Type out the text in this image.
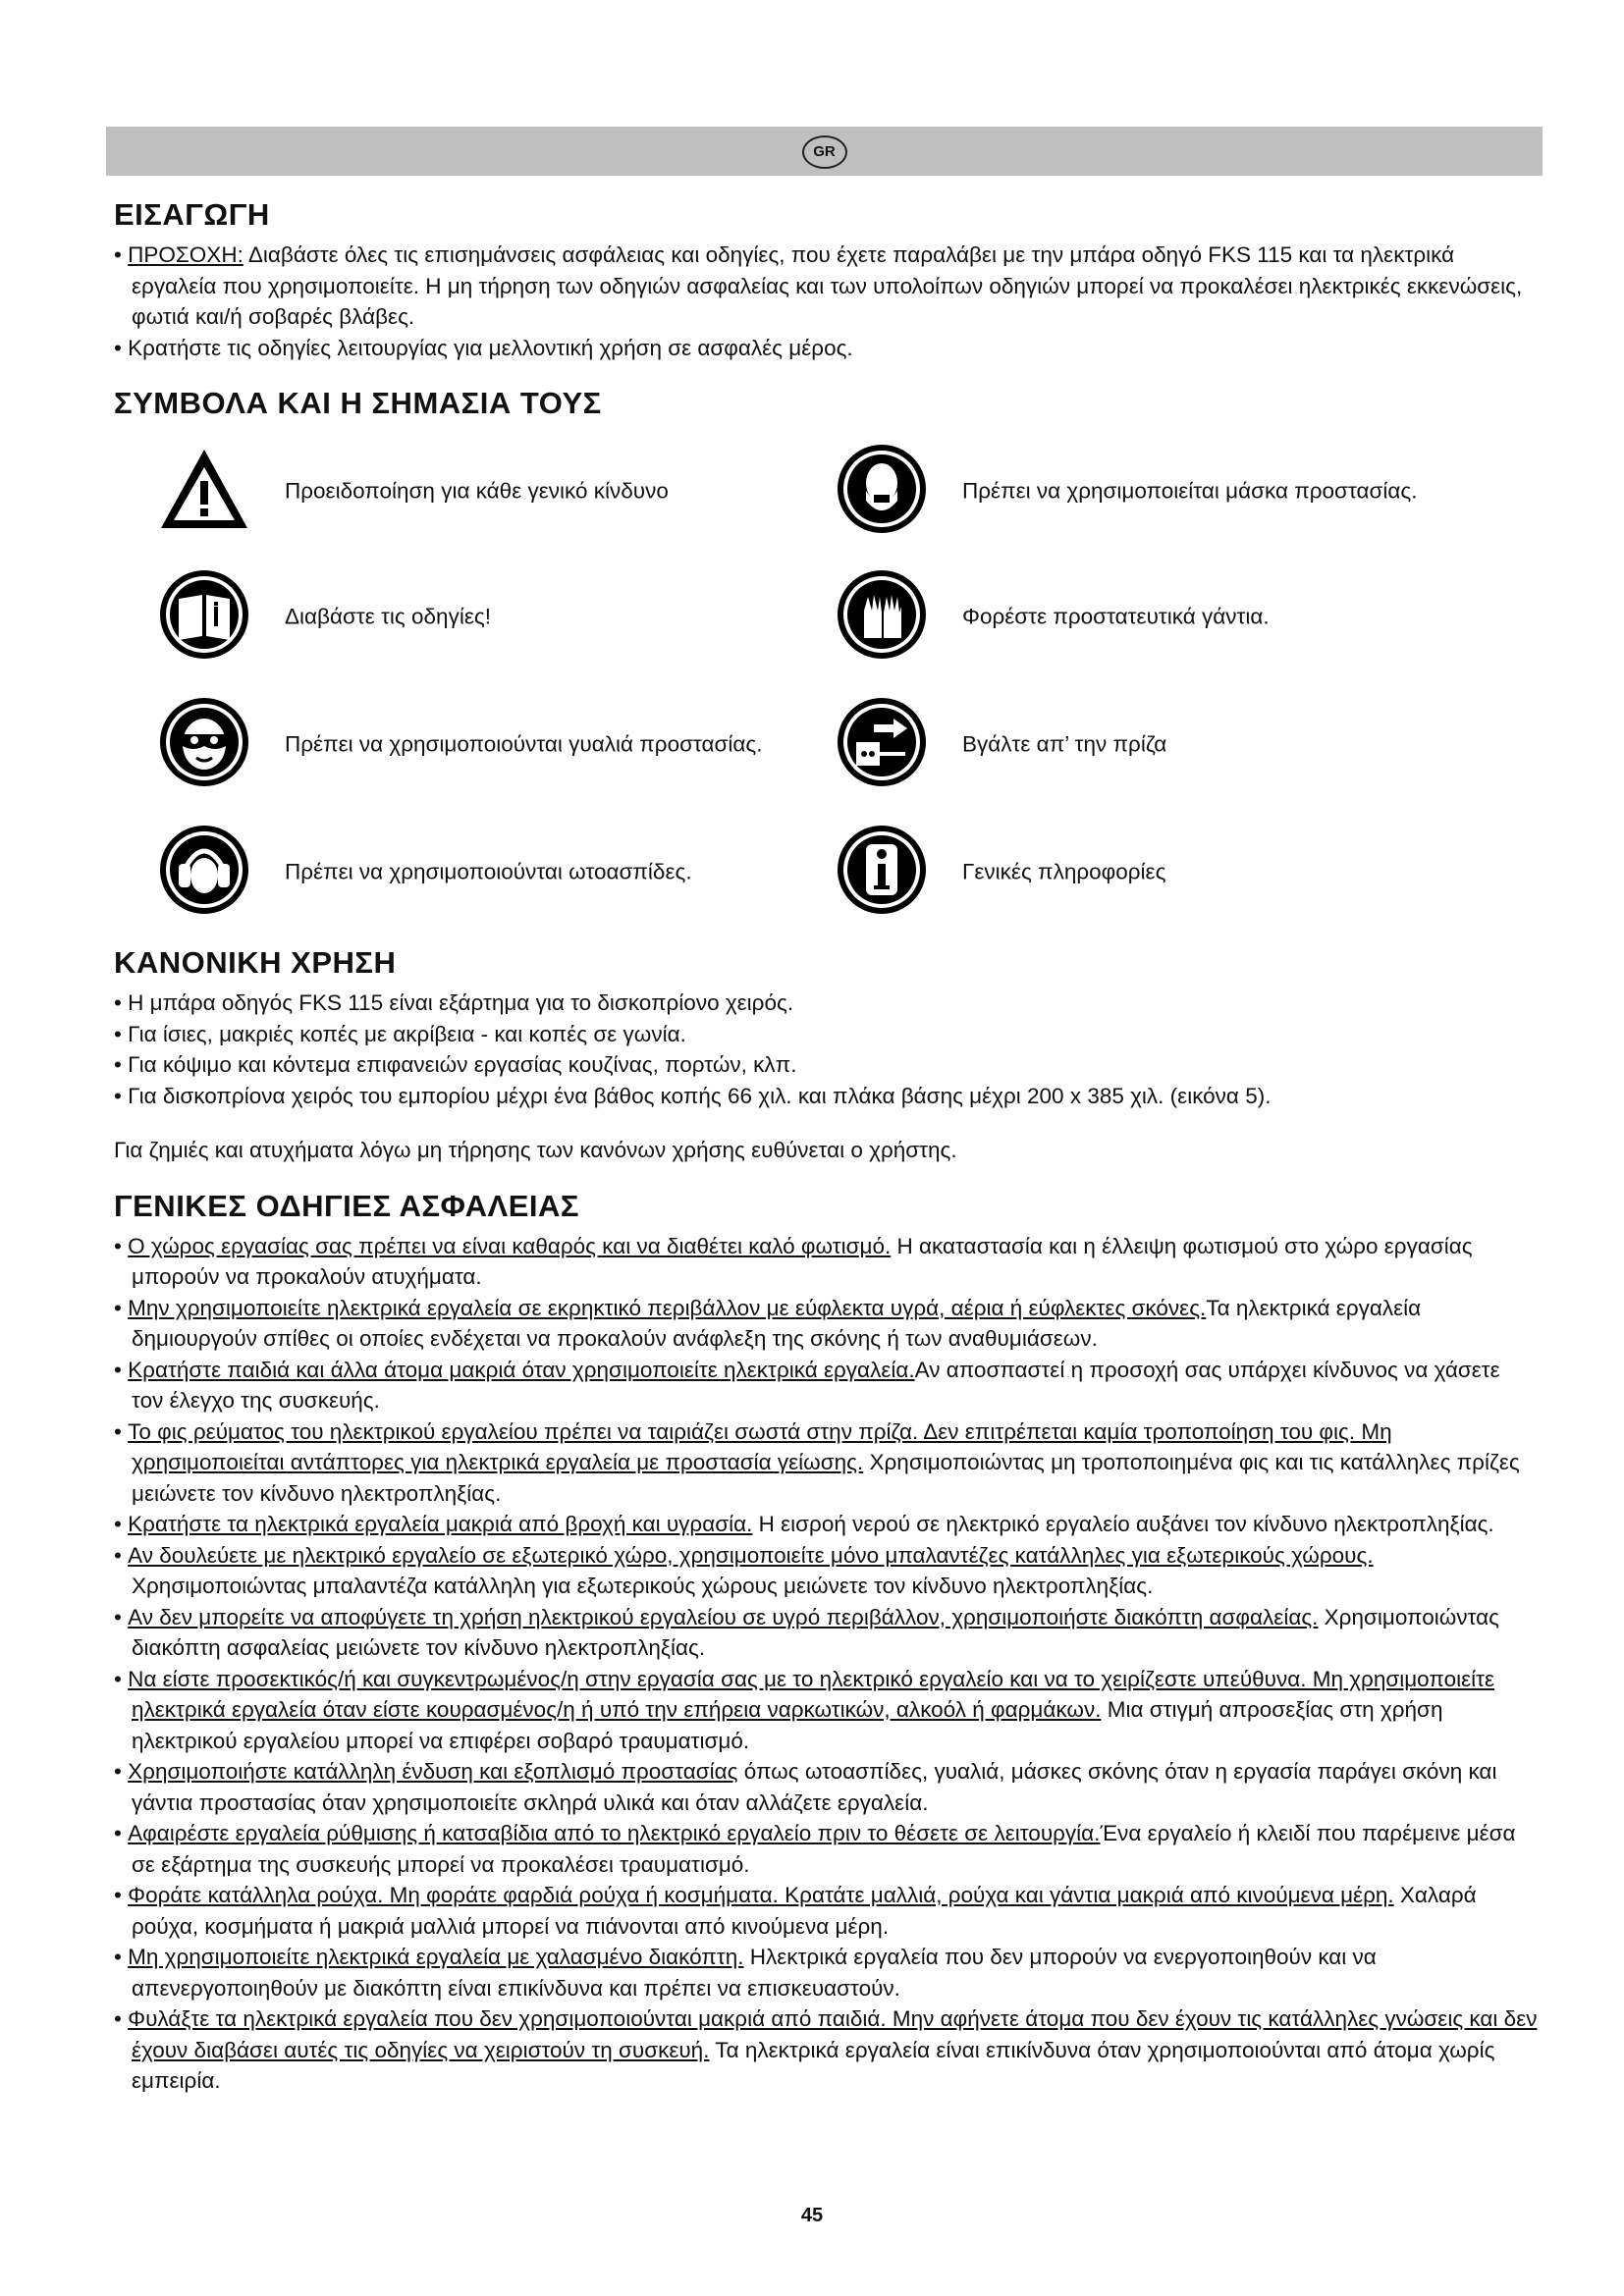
GR
ΕΙΣΑΓΩΓΗ

• ΠΡΟΣΟΧΗ: Διαβάστε όλες τις επισημάνσεις ασφάλειας και οδηγίες, που έχετε παραλάβει με την μπάρα οδηγό FKS 115 και τα ηλεκτρικά εργαλεία που χρησιμοποιείτε. Η μη τήρηση των οδηγιών ασφαλείας και των υπολοίπων οδηγιών μπορεί να προκαλέσει ηλεκτρικές εκκενώσεις, φωτιά και/ή σοβαρές βλάβες.

• Κρατήστε τις οδηγίες λειτουργίας για μελλοντική χρήση σε ασφαλές μέρος.

ΣΥΜΒΟΛΑ ΚΑΙ Η ΣΗΜΑΣΙΑ ΤΟΥΣ
Προειδοποίηση για κάθε γενικό κίνδυνο	Πρέπει να χρησιμοποιείται μάσκα προστασίας.
Διαβάστε τις οδηγίες!	Φορέστε προστατευτικά γάντια.
Πρέπει να χρησιμοποιούνται γυαλιά προστασίας.	Βγάλτε απ’ την πρίζα
Πρέπει να χρησιμοποιούνται ωτοασπίδες.	Γενικές πληροφορίες
ΚΑΝΟΝΙΚΗ ΧΡΗΣΗ

• Η μπάρα οδηγός FKS 115 είναι εξάρτημα για το δισκοπρίονο χειρός.

• Για ίσιες, μακριές κοπές με ακρίβεια - και κοπές σε γωνία.

• Για κόψιμο και κόντεμα επιφανειών εργασίας κουζίνας, πορτών, κλπ.

• Για δισκοπρίονα χειρός του εμπορίου μέχρι ένα βάθος κοπής 66 χιλ. και πλάκα βάσης μέχρι 200 x 385 χιλ. (εικόνα 5).

Για ζημιές και ατυχήματα λόγω μη τήρησης των κανόνων χρήσης ευθύνεται ο χρήστης.

ΓΕΝΙΚΕΣ ΟΔΗΓΙΕΣ ΑΣΦΑΛΕΙΑΣ

• Ο χώρος εργασίας σας πρέπει να είναι καθαρός και να διαθέτει καλό φωτισμό. Η ακαταστασία και η έλλειψη φωτισμού στο χώρο εργασίας μπορούν να προκαλούν ατυχήματα.

• Μην χρησιμοποιείτε ηλεκτρικά εργαλεία σε εκρηκτικό περιβάλλον με εύφλεκτα υγρά, αέρια ή εύφλεκτες σκόνες.Τα ηλεκτρικά εργαλεία δημιουργούν σπίθες οι οποίες ενδέχεται να προκαλούν ανάφλεξη της σκόνης ή των αναθυμιάσεων.

• Κρατήστε παιδιά και άλλα άτομα μακριά όταν χρησιμοποιείτε ηλεκτρικά εργαλεία.Αν αποσπαστεί η προσοχή σας υπάρχει κίνδυνος να χάσετε τον έλεγχο της συσκευής.

• Το φις ρεύματος του ηλεκτρικού εργαλείου πρέπει να ταιριάζει σωστά στην πρίζα. Δεν επιτρέπεται καμία τροποποίηση του φις. Μη χρησιμοποιείται αντάπτορες για ηλεκτρικά εργαλεία με προστασία γείωσης. Χρησιμοποιώντας μη τροποποιημένα φις και τις κατάλληλες πρίζες μειώνετε τον κίνδυνο ηλεκτροπληξίας.

• Κρατήστε τα ηλεκτρικά εργαλεία μακριά από βροχή και υγρασία. Η εισροή νερού σε ηλεκτρικό εργαλείο αυξάνει τον κίνδυνο ηλεκτροπληξίας.

• Αν δουλεύετε με ηλεκτρικό εργαλείο σε εξωτερικό χώρο, χρησιμοποιείτε μόνο μπαλαντέζες κατάλληλες για εξωτερικούς χώρους. Χρησιμοποιώντας μπαλαντέζα κατάλληλη για εξωτερικούς χώρους μειώνετε τον κίνδυνο ηλεκτροπληξίας.

• Αν δεν μπορείτε να αποφύγετε τη χρήση ηλεκτρικού εργαλείου σε υγρό περιβάλλον, χρησιμοποιήστε διακόπτη ασφαλείας. Χρησιμοποιώντας διακόπτη ασφαλείας μειώνετε τον κίνδυνο ηλεκτροπληξίας.

• Να είστε προσεκτικός/ή και συγκεντρωμένος/η στην εργασία σας με το ηλεκτρικό εργαλείο και να το χειρίζεστε υπεύθυνα. Μη χρησιμοποιείτε ηλεκτρικά εργαλεία όταν είστε κουρασμένος/η ή υπό την επήρεια ναρκωτικών, αλκοόλ ή φαρμάκων. Μια στιγμή απροσεξίας στη χρήση ηλεκτρικού εργαλείου μπορεί να επιφέρει σοβαρό τραυματισμό.

• Χρησιμοποιήστε κατάλληλη ένδυση και εξοπλισμό προστασίας όπως ωτοασπίδες, γυαλιά, μάσκες σκόνης όταν η εργασία παράγει σκόνη και γάντια προστασίας όταν χρησιμοποιείτε σκληρά υλικά και όταν αλλάζετε εργαλεία.

• Αφαιρέστε εργαλεία ρύθμισης ή κατσαβίδια από το ηλεκτρικό εργαλείο πριν το θέσετε σε λειτουργία.Ένα εργαλείο ή κλειδί που παρέμεινε μέσα σε εξάρτημα της συσκευής μπορεί να προκαλέσει τραυματισμό.

• Φοράτε κατάλληλα ρούχα. Μη φοράτε φαρδιά ρούχα ή κοσμήματα. Κρατάτε μαλλιά, ρούχα και γάντια μακριά από κινούμενα μέρη. Χαλαρά ρούχα, κοσμήματα ή μακριά μαλλιά μπορεί να πιάνονται από κινούμενα μέρη.

• Μη χρησιμοποιείτε ηλεκτρικά εργαλεία με χαλασμένο διακόπτη. Ηλεκτρικά εργαλεία που δεν μπορούν να ενεργοποιηθούν και να απενεργοποιηθούν με διακόπτη είναι επικίνδυνα και πρέπει να επισκευαστούν.

• Φυλάξτε τα ηλεκτρικά εργαλεία που δεν χρησιμοποιούνται μακριά από παιδιά. Μην αφήνετε άτομα που δεν έχουν τις κατάλληλες γνώσεις και δεν έχουν διαβάσει αυτές τις οδηγίες να χειριστούν τη συσκευή. Τα ηλεκτρικά εργαλεία είναι επικίνδυνα όταν χρησιμοποιούνται από άτομα χωρίς εμπειρία.

45
